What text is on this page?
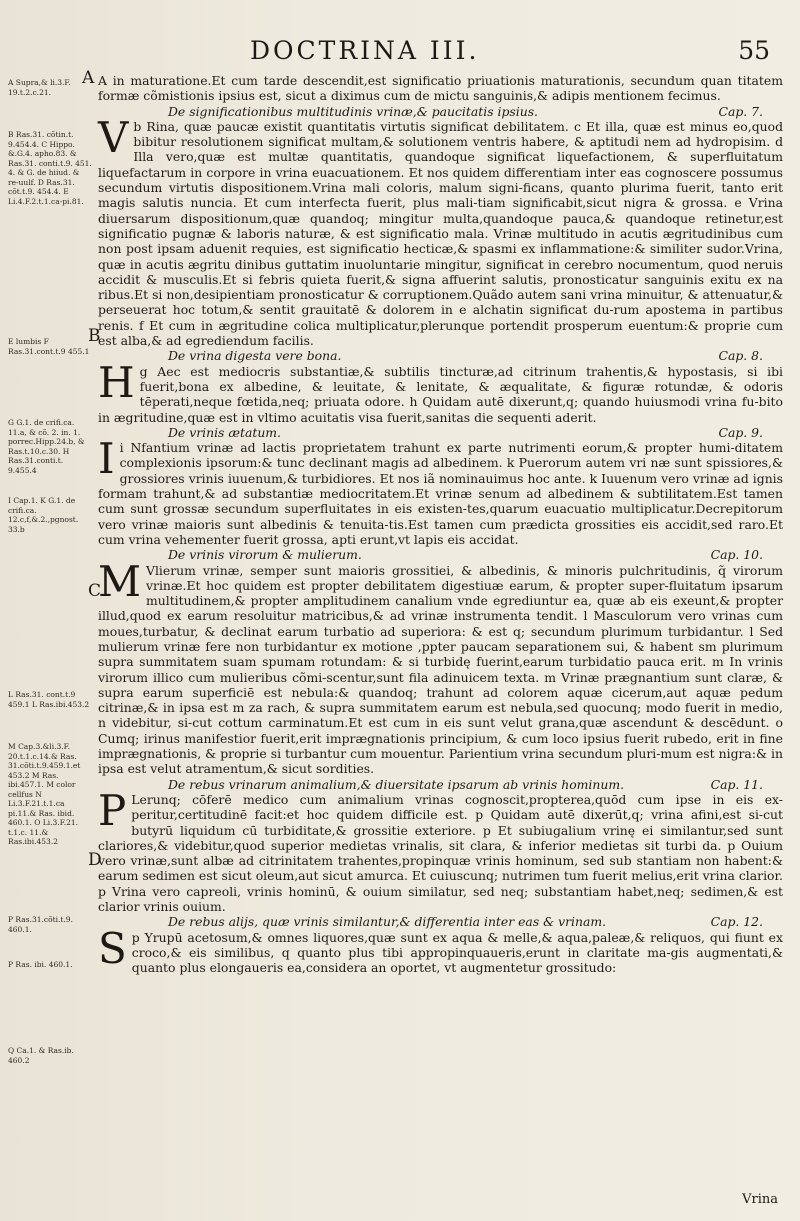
DOCTRINA III.	55
A Supra,& li.3.F. 19.t.2.c.21.
B Ras.31. cõtin.t. 9.454.4. C Hippo. &.G.4. apho.83. & Ras.31. conti.t.9. 451. 4. & G. de hiiud. & re-uulf. D Ras.31. cõt.t.9. 454.4. E Li.4.F.2.t.1.ca-pi.81.
E lumbis F Ras.31.cont.t.9 455.1
G G.1. de crifi.ca. 11.a, & cõ. 2. in. 1. porrec.Hipp.24.b, & Ras.t.10.c.30. H Ras.31.conti.t. 9.455.4
I Cap.1. K G.1. de crifi.ca. 12.c,f,&.2.,pgnost. 33.b
L Ras.31. cont.t.9 459.1 L Ras.ibi.453.2
M Cap.3.&li.3.F. 20.t.1.c.14.& Ras. 31.cõti.t.9.459.1.et 453.2 M Ras. ibi.457.1. M color cellfus N Li.3.F.21.t.1.ca pi.11.& Ras. ibid. 460.1. O Li.3.F.21. t.1.c. 11.& Ras.ibi.453.2
P Ras.31.cõti.t.9. 460.1.
P Ras. ibi. 460.1.
Q Ca.1. & Ras.ib. 460.2
A
B
C
D

A in maturatione.Et cum tarde descendit,est significatio priuationis maturationis, secundum quan titatem formæ cõmistionis ipsius est, sicut a diximus cum de mictu sanguinis,& adipis mentionem fecimus.

De significationibus multitudinis vrinæ,& paucitatis ipsius.	Cap. 7.

Vb Rina, quæ paucæ existit quantitatis virtutis significat debilitatem. c Et illa, quæ est minus eo,quod bibitur resolutionem significat multam,& solutionem ventris habere, & aptitudi nem ad hydropisim. d Illa vero,quæ est multæ quantitatis, quandoque significat liquefactionem, & superfluitatum liquefactarum in corpore in vrina euacuationem. Et nos quidem differentiam inter eas cognoscere possumus secundum virtutis dispositionem.Vrina mali coloris, malum signi-ficans, quanto plurima fuerit, tanto erit magis salutis nuncia. Et cum interfecta fuerit, plus mali-tiam significabit,sicut nigra & grossa. e Vrina diuersarum dispositionum,quæ quandoq; mingitur multa,quandoque pauca,& quandoque retinetur,est significatio pugnæ & laboris naturæ, & est significatio mala. Vrinæ multitudo in acutis ægritudinibus cum non post ipsam aduenit requies, est significatio hecticæ,& spasmi ex inflammatione:& similiter sudor.Vrina, quæ in acutis ægritu dinibus guttatim inuoluntarie mingitur, significat in cerebro nocumentum, quod neruis accidit & musculis.Et si febris quieta fuerit,& signa affuerint salutis, pronosticatur sanguinis exitu ex na ribus.Et si non,desipientiam pronosticatur & corruptionem.Quãdo autem sani vrina minuitur, & attenuatur,& perseuerat hoc totum,& sentit grauitatē & dolorem in e alchatin significat du-rum apostema in partibus renis. f Et cum in ægritudine colica multiplicatur,plerunque portendit prosperum euentum:& proprie cum est alba,& ad egrediendum facilis.

De vrina digesta vere bona.	Cap. 8.

Hg Aec est mediocris substantiæ,& subtilis tincturæ,ad citrinum trahentis,& hypostasis, si ibi fuerit,bona ex albedine, & leuitate, & lenitate, & æqualitate, & figuræ rotundæ, & odoris tēperati,neque fœtida,neq; priuata odore. h Quidam autē dixerunt,q; quando huiusmodi vrina fu-bito in ægritudine,quæ est in vltimo acuitatis visa fuerit,sanitas die sequenti aderit.

De vrinis ætatum.	Cap. 9.

Ii Nfantium vrinæ ad lactis proprietatem trahunt ex parte nutrimenti eorum,& propter humi-ditatem complexionis ipsorum:& tunc declinant magis ad albedinem. k Puerorum autem vri næ sunt spissiores,& grossiores vrinis iuuenum,& turbidiores. Et nos iã nominauimus hoc ante. k Iuuenum vero vrinæ ad ignis formam trahunt,& ad substantiæ mediocritatem.Et vrinæ senum ad albedinem & subtilitatem.Est tamen cum sunt grossæ secundum superfluitates in eis existen-tes,quarum euacuatio multiplicatur.Decrepitorum vero vrinæ maioris sunt albedinis & tenuita-tis.Est tamen cum prædicta grossities eis accidit,sed raro.Et cum vrina vehementer fuerit grossa, apti erunt,vt lapis eis accidat.

De vrinis virorum & mulierum.	Cap. 10.

M Vlierum vrinæ, semper sunt maioris grossitiei, & albedinis, & minoris pulchritudinis, q̃ virorum vrinæ.Et hoc quidem est propter debilitatem digestiuæ earum, & propter super-fluitatum ipsarum multitudinem,& propter amplitudinem canalium vnde egrediuntur ea, quæ ab eis exeunt,& propter illud,quod ex earum resoluitur matricibus,& ad vrinæ instrumenta tendit. l Masculorum vero vrinas cum moues,turbatur, & declinat earum turbatio ad superiora: & est q; secundum plurimum turbidantur. l Sed mulierum vrinæ fere non turbidantur ex motione ,ppter paucam separationem sui, & habent sm plurimum supra summitatem suam spumam rotundam: & si turbidę fuerint,earum turbidatio pauca erit. m In vrinis virorum illico cum mulieribus cõmi-scentur,sunt fila adinuicem texta. m Vrinæ prægnantium sunt claræ, & supra earum superficiē est nebula:& quandoq; trahunt ad colorem aquæ cicerum,aut aquæ pedum citrinæ,& in ipsa est m za rach, & supra summitatem earum est nebula,sed quocunq; modo fuerit in medio, n videbitur, si-cut cottum carminatum.Et est cum in eis sunt velut grana,quæ ascendunt & descēdunt. o Cumq; irinus manifestior fuerit,erit imprægnationis principium, & cum loco ipsius fuerit rubedo, erit in fine imprægnationis, & proprie si turbantur cum mouentur. Parientium vrina secundum pluri-mum est nigra:& in ipsa est velut atramentum,& sicut sordities.

De rebus vrinarum animalium,& diuersitate ipsarum ab vrinis hominum.	Cap. 11.

P Lerunq; cōferē medico cum animalium vrinas cognoscit,propterea,quōd cum ipse in eis ex-peritur,certitudinē facit:et hoc quidem difficile est. p Quidam autē dixerūt,q; vrina afini,est si-cut butyrū liquidum cū turbiditate,& grossitie exteriore. p Et subiugalium vrinę ei similantur,sed sunt clariores,& videbitur,quod superior medietas vrinalis, sit clara, & inferior medietas sit turbi da. p Ouium vero vrinæ,sunt albæ ad citrinitatem trahentes,propinquæ vrinis hominum, sed sub stantiam non habent:& earum sedimen est sicut oleum,aut sicut amurca. Et cuiuscunq; nutrimen tum fuerit melius,erit vrina clarior. p Vrina vero capreoli, vrinis hominū, & ouium similatur, sed neq; substantiam habet,neq; sedimen,& est clarior vrinis ouium.

De rebus alijs, quæ vrinis similantur,& differentia inter eas & vrinam.	Cap. 12.

Sp Yrupū acetosum,& omnes liquores,quæ sunt ex aqua & melle,& aqua,paleæ,& reliquos, qui fiunt ex croco,& eis similibus, q quanto plus tibi appropinquaueris,erunt in claritate ma-gis augmentati,& quanto plus elongaueris ea,considera an oportet, vt augmentetur grossitudo:

Vrina
